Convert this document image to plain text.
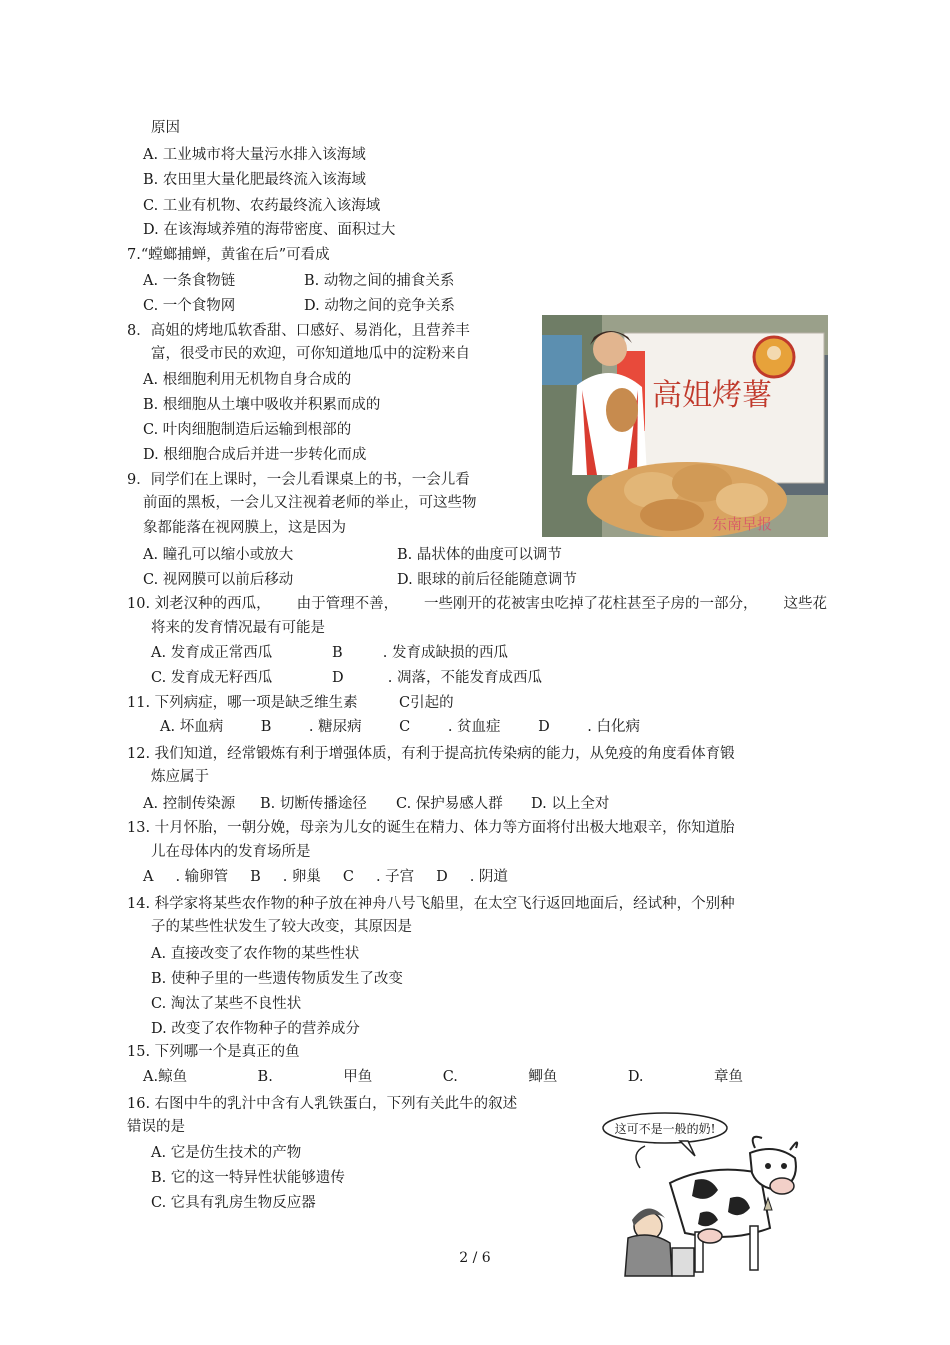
原因
A. 工业城市将大量污水排入该海域
B. 农田里大量化肥最终流入该海域
C. 工业有机物、农药最终流入该海域
D. 在该海域养殖的海带密度、面积过大
7.“螳螂捕蝉，黄雀在后”可看成
A. 一条食物链	B. 动物之间的捕食关系
C. 一个食物网	D. 动物之间的竞争关系
8．高姐的烤地瓜软香甜、口感好、易消化，且营养丰
富，很受市民的欢迎，可你知道地瓜中的淀粉来自
A. 根细胞利用无机物自身合成的
B. 根细胞从土壤中吸收并积累而成的
C. 叶肉细胞制造后运输到根部的
D. 根细胞合成后并进一步转化而成
高姐烤薯
东南早报
9．同学们在上课时，一会儿看课桌上的书，一会儿看
前面的黑板，一会儿又注视着老师的举止，可这些物
象都能落在视网膜上，这是因为
A. 瞳孔可以缩小或放大	B. 晶状体的曲度可以调节
C. 视网膜可以前后移动	D. 眼球的前后径能随意调节
10. 刘老汉种的西瓜， 由于管理不善， 一些刚开的花被害虫吃掉了花柱甚至子房的一部分， 这些花
将来的发育情况最有可能是
A. 发育成正常西瓜	B	. 发育成缺损的西瓜
C. 发育成无籽西瓜	D	. 凋落，不能发育成西瓜
11. 下列病症，哪一项是缺乏维生素	C引起的
A. 坏血病	B	. 糖尿病	C	. 贫血症	D	. 白化病
12. 我们知道，经常锻炼有利于增强体质，有利于提高抗传染病的能力，从免疫的角度看体育锻
炼应属于
A. 控制传染源 B. 切断传播途径 C. 保护易感人群 D. 以上全对
13. 十月怀胎，一朝分娩，母亲为儿女的诞生在精力、体力等方面将付出极大地艰辛，你知道胎
儿在母体内的发育场所是
A . 输卵管 B . 卵巢 C . 子宫 D . 阴道
14. 科学家将某些农作物的种子放在神舟八号飞船里，在太空飞行返回地面后，经试种，个别种
子的某些性状发生了较大改变，其原因是
A. 直接改变了农作物的某些性状
B. 使种子里的一些遗传物质发生了改变
C. 淘汰了某些不良性状
D. 改变了农作物种子的营养成分
15. 下列哪一个是真正的鱼
A.鲸鱼	B.	甲鱼	C.	鲫鱼	D.	章鱼
16. 右图中牛的乳汁中含有人乳铁蛋白，下列有关此牛的叙述
错误的是
A. 它是仿生技术的产物
B. 它的这一特异性状能够遗传
C. 它具有乳房生物反应器
这可不是一般的奶!
2 / 6
